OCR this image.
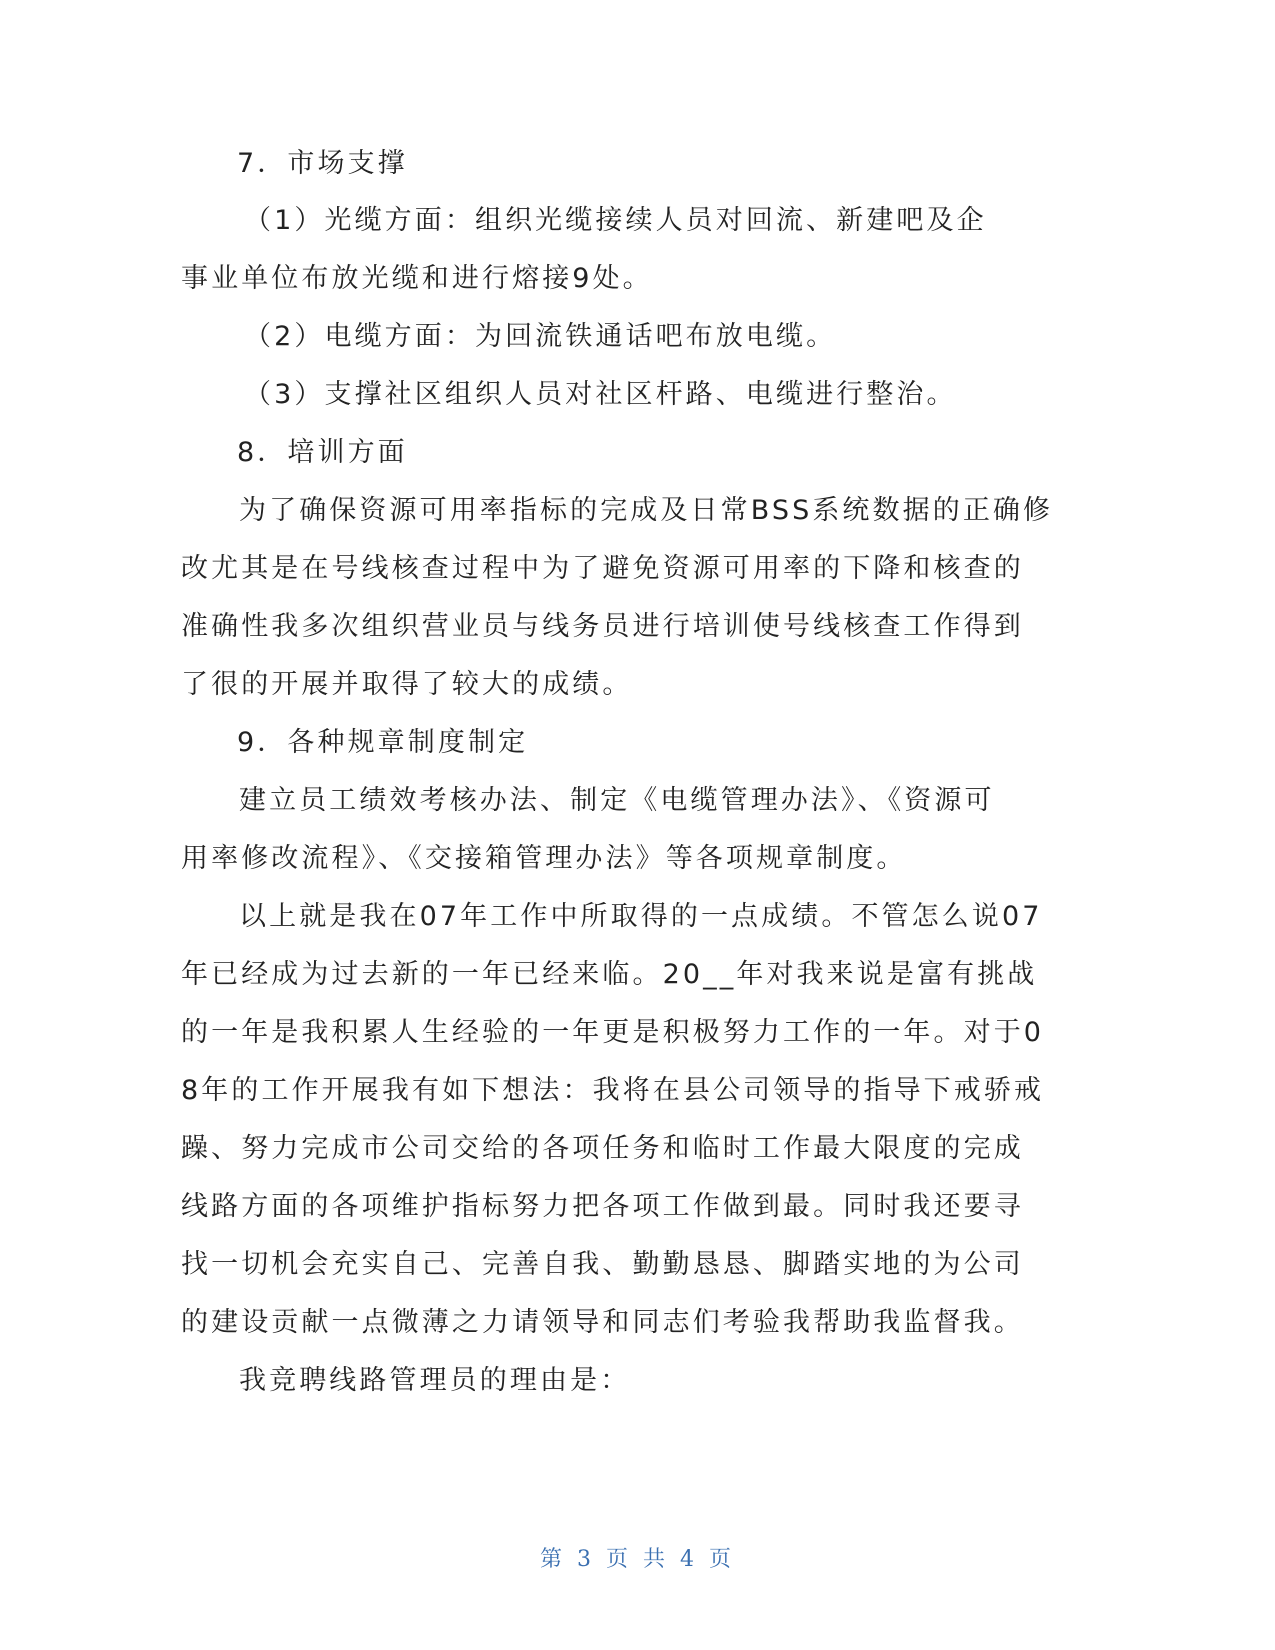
7．市场支撑

（1）光缆方面：组织光缆接续人员对回流、新建吧及企

事业单位布放光缆和进行熔接9处。

（2）电缆方面：为回流铁通话吧布放电缆。

（3）支撑社区组织人员对社区杆路、电缆进行整治。

8．培训方面

为了确保资源可用率指标的完成及日常BSS系统数据的正确修

改尤其是在号线核查过程中为了避免资源可用率的下降和核查的

准确性我多次组织营业员与线务员进行培训使号线核查工作得到

了很的开展并取得了较大的成绩。

9．各种规章制度制定

建立员工绩效考核办法、制定《电缆管理办法》、《资源可

用率修改流程》、《交接箱管理办法》等各项规章制度。

以上就是我在07年工作中所取得的一点成绩。不管怎么说07

年已经成为过去新的一年已经来临。20__年对我来说是富有挑战

的一年是我积累人生经验的一年更是积极努力工作的一年。对于0

8年的工作开展我有如下想法：我将在县公司领导的指导下戒骄戒

躁、努力完成市公司交给的各项任务和临时工作最大限度的完成

线路方面的各项维护指标努力把各项工作做到最。同时我还要寻

找一切机会充实自己、完善自我、勤勤恳恳、脚踏实地的为公司

的建设贡献一点微薄之力请领导和同志们考验我帮助我监督我。

我竞聘线路管理员的理由是：

第 3 页 共 4 页
